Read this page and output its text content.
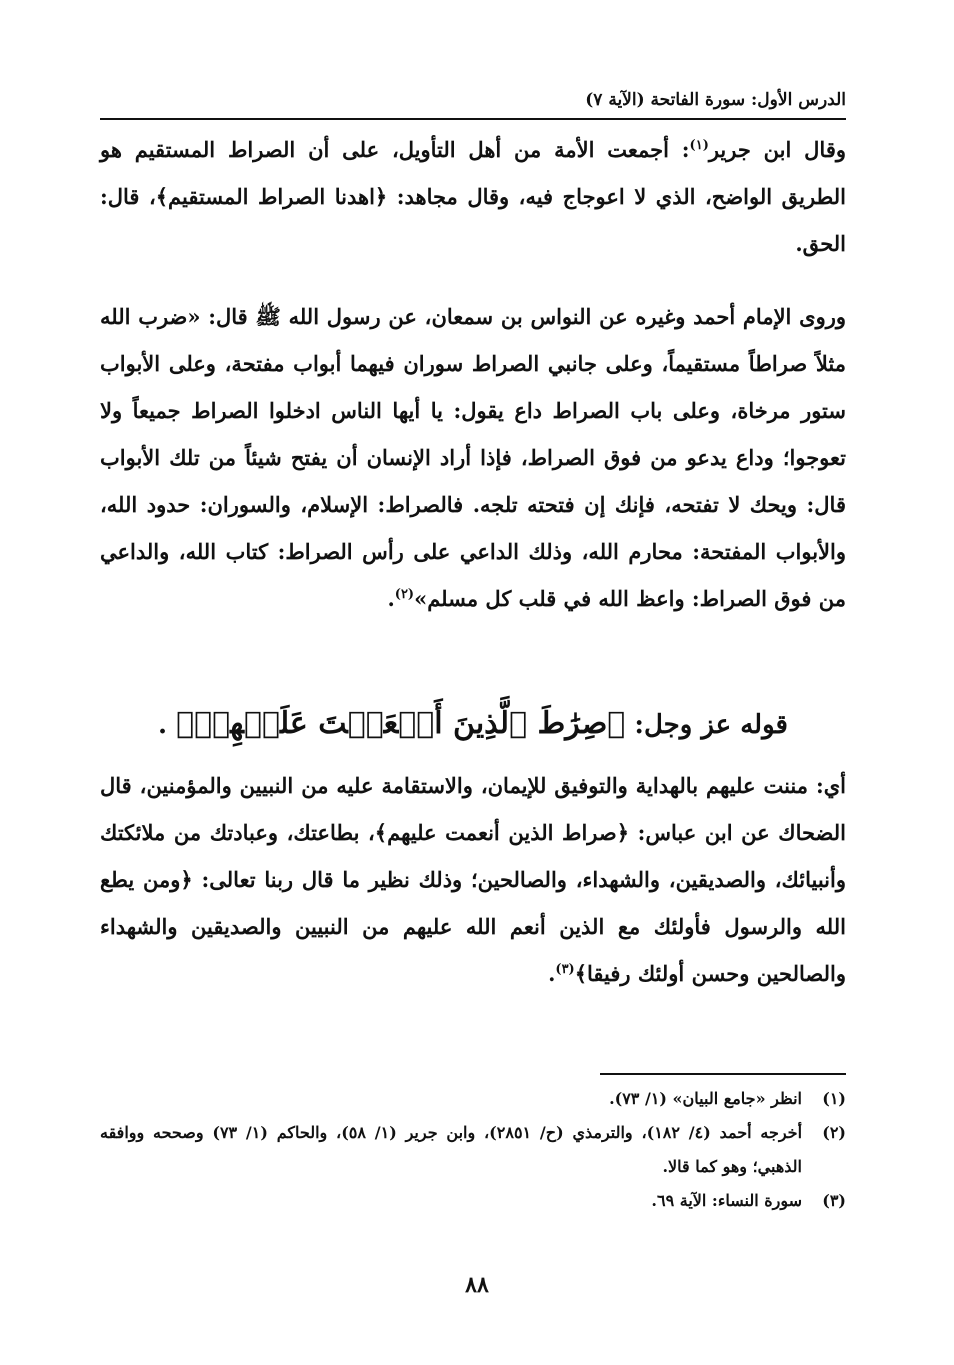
الدرس الأول: سورة الفاتحة (الآية ٧)

وقال ابن جرير$^{(١)}$: أجمعت الأمة من أهل التأويل، على أن الصراط المستقيم هو الطريق الواضح، الذي لا اعوجاج فيه، وقال مجاهد: ﴿اهدنا الصراط المستقيم﴾، قال: الحق.

وروى الإمام أحمد وغيره عن النواس بن سمعان، عن رسول الله ﷺ قال: «ضرب الله مثلاً صراطاً مستقيماً، وعلى جانبي الصراط سوران فيهما أبواب مفتحة، وعلى الأبواب ستور مرخاة، وعلى باب الصراط داع يقول: يا أيها الناس ادخلوا الصراط جميعاً ولا تعوجوا؛ وداع يدعو من فوق الصراط، فإذا أراد الإنسان أن يفتح شيئاً من تلك الأبواب قال: ويحك لا تفتحه، فإنك إن فتحته تلجه. فالصراط: الإسلام، والسوران: حدود الله، والأبواب المفتحة: محارم الله، وذلك الداعي على رأس الصراط: كتاب الله، والداعي من فوق الصراط: واعظ الله في قلب كل مسلم»$^{(٢)}$.

قوله عز وجل: ﴿صِرَٰطَ ٱلَّذِينَ أَنۡعَمۡتَ عَلَيۡهِمۡ﴾ .

أي: مننت عليهم بالهداية والتوفيق للإيمان، والاستقامة عليه من النبيين والمؤمنين، قال الضحاك عن ابن عباس: ﴿صراط الذين أنعمت عليهم﴾، بطاعتك، وعبادتك من ملائكتك وأنبيائك، والصديقين، والشهداء، والصالحين؛ وذلك نظير ما قال ربنا تعالى: ﴿ومن يطع الله والرسول فأولئك مع الذين أنعم الله عليهم من النبيين والصديقين والشهداء والصالحين وحسن أولئك رفيقا﴾$^{(٣)}$.

(١)
انظر «جامع البيان» (١/ ٧٣).
(٢)
أخرجه أحمد (٤/ ١٨٢)، والترمذي (ح/ ٢٨٥١)، وابن جرير (١/ ٥٨)، والحاكم (١/ ٧٣) وصححه ووافقه الذهبي؛ وهو كما قالا.
(٣)
سورة النساء: الآية ٦٩.
٨٨
